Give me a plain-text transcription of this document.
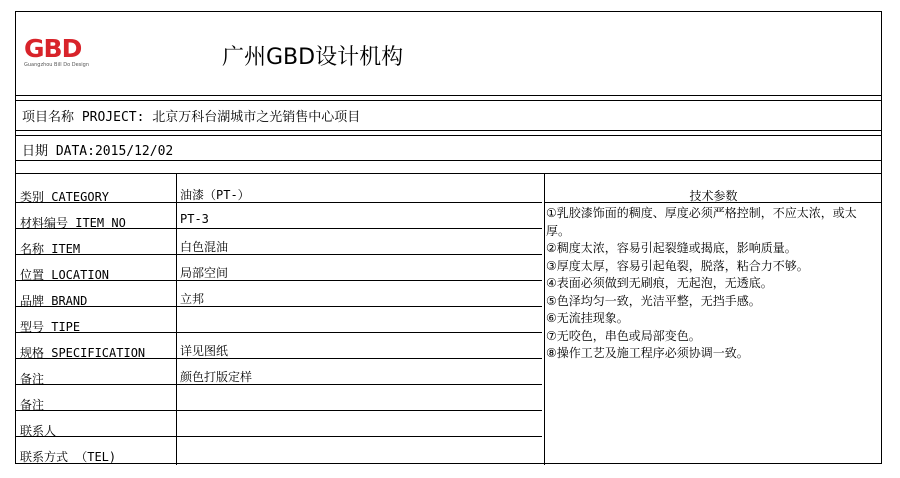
GBD
Guangzhou Bill Do Design	广州GBD设计机构
项目名称 PROJECT: 北京万科台湖城市之光销售中心项目
日期 DATA:2015/12/02
类别 CATEGORY	油漆（PT-）
材料编号 ITEM NO	PT-3
名称 ITEM	白色混油
位置 LOCATION	局部空间
品牌 BRAND	立邦
型号 TIPE
规格 SPECIFICATION	详见图纸
备注	颜色打版定样
备注
联系人
联系方式 （TEL)
技术参数
①乳胶漆饰面的稠度、厚度必须严格控制，不应太浓，或太厚。
②稠度太浓，容易引起裂缝或揭底，影响质量。
③厚度太厚，容易引起龟裂，脱落，粘合力不够。
④表面必须做到无刷痕，无起泡，无透底。
⑤色泽均匀一致，光洁平整，无挡手感。
⑥无流挂现象。
⑦无咬色，串色或局部变色。
⑧操作工艺及施工程序必须协调一致。
